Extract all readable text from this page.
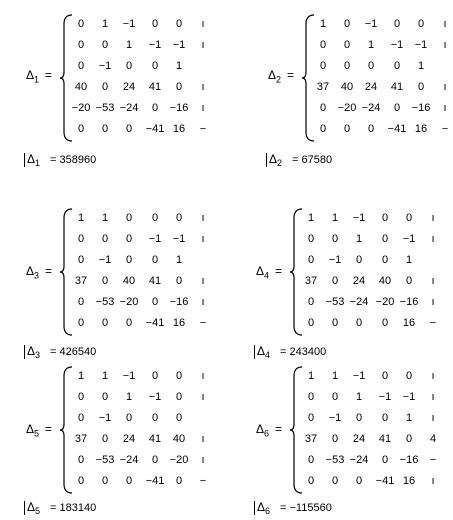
$\Delta_1$ =
0	1	−1	0	0	ı
0	0	1	−1	−1	ı
0	−1	0	0	1
40	0	24	41	0	ı
−20 −53 −24	0	−16	ı
0	0	0	−41 16	−
$\Delta_1 = 358960$
$\Delta_2$ =
1	0	−1	0	0	ı
0	0	1	−1	−1	ı
0	0	0	0	1
37	40	24	41	0	ı
0	−20 −24	0	−16	ı
0	0	0	−41 16	−
$\Delta_2 = 67580$
$\Delta_3$ =
1	1	0	0	0	ı
0	0	0	−1	−1	ı
0	−1	0	0	1
37	0	40	41	0	ı
0	−53 −20	0	−16	ı
0	0	0	−41 16	−
$\Delta_3 = 426540$
$\Delta_4$ =
1	1	−1	0	0	ı
0	0	1	0	−1	ı
0	−1	0	0	1
37	0	24	40	0	ı
0	−53 −24 −20 −16	ı
0	0	0	0	16	−
$\Delta_4 = 243400$
$\Delta_5$ =
1	1	−1	0	0	ı
0	0	1	−1	0	ı
0	−1	0	0	0
37	0	24	41	40	ı
0	−53 −24	0	−20	ı
0	0	0	−41	0	−
$\Delta_5 = 183140$
$\Delta_6$ =
1	1	−1	0	0	ı
0	0	1	−1	−1	ı
0	−1	0	0	1	ı
37	0	24	41	0	4
0	−53 −24	0	−16	−
0	0	0	−41 16	ı
$\Delta_6 = -115560$
